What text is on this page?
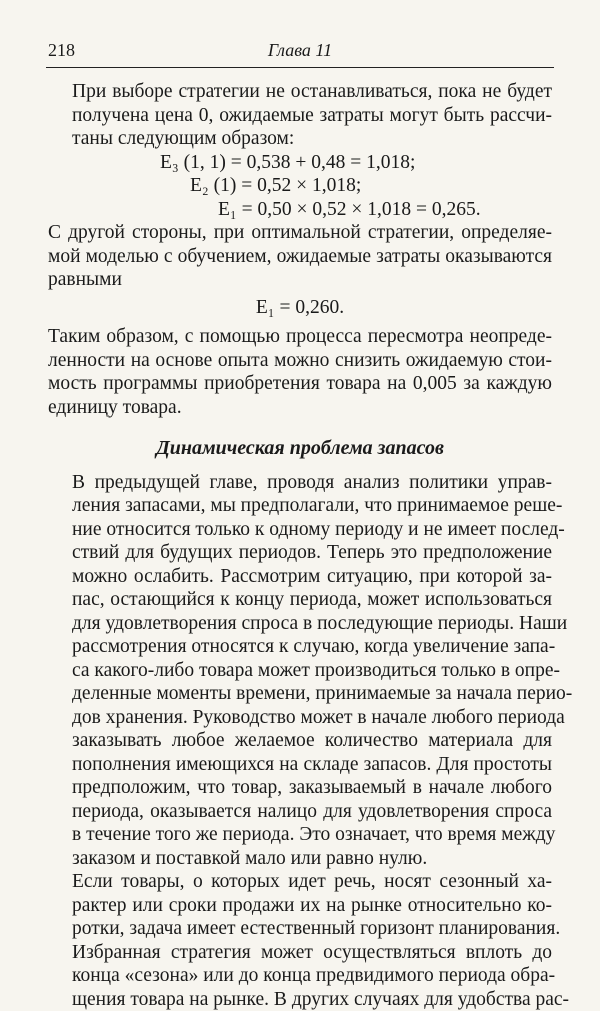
218	Глава 11

При выборе стратегии не останавливаться, пока не будет
получена цена 0, ожидаемые затраты могут быть рассчи-
таны следующим образом:

E₃ (1, 1) = 0,538 + 0,48 = 1,018;
E₂ (1) = 0,52 × 1,018;
E₁ = 0,50 × 0,52 × 1,018 = 0,265.

С другой стороны, при оптимальной стратегии, определяе-
мой моделью с обучением, ожидаемые затраты оказываются
равными

E₁ = 0,260.

Таким образом, с помощью процесса пересмотра неопреде-
ленности на основе опыта можно снизить ожидаемую стои-
мость программы приобретения товара на 0,005 за каждую
единицу товара.

Динамическая проблема запасов

В предыдущей главе, проводя анализ политики управ-
ления запасами, мы предполагали, что принимаемое реше-
ние относится только к одному периоду и не имеет послед-
ствий для будущих периодов. Теперь это предположение
можно ослабить. Рассмотрим ситуацию, при которой за-
пас, остающийся к концу периода, может использоваться
для удовлетворения спроса в последующие периоды. Наши
рассмотрения относятся к случаю, когда увеличение запа-
са какого-либо товара может производиться только в опре-
деленные моменты времени, принимаемые за начала перио-
дов хранения. Руководство может в начале любого периода
заказывать любое желаемое количество материала для
пополнения имеющихся на складе запасов. Для простоты
предположим, что товар, заказываемый в начале любого
периода, оказывается налицо для удовлетворения спроса
в течение того же периода. Это означает, что время между
заказом и поставкой мало или равно нулю.

Если товары, о которых идет речь, носят сезонный ха-
рактер или сроки продажи их на рынке относительно ко-
ротки, задача имеет естественный горизонт планирования.
Избранная стратегия может осуществляться вплоть до
конца «сезона» или до конца предвидимого периода обра-
щения товара на рынке. В других случаях для удобства рас-
